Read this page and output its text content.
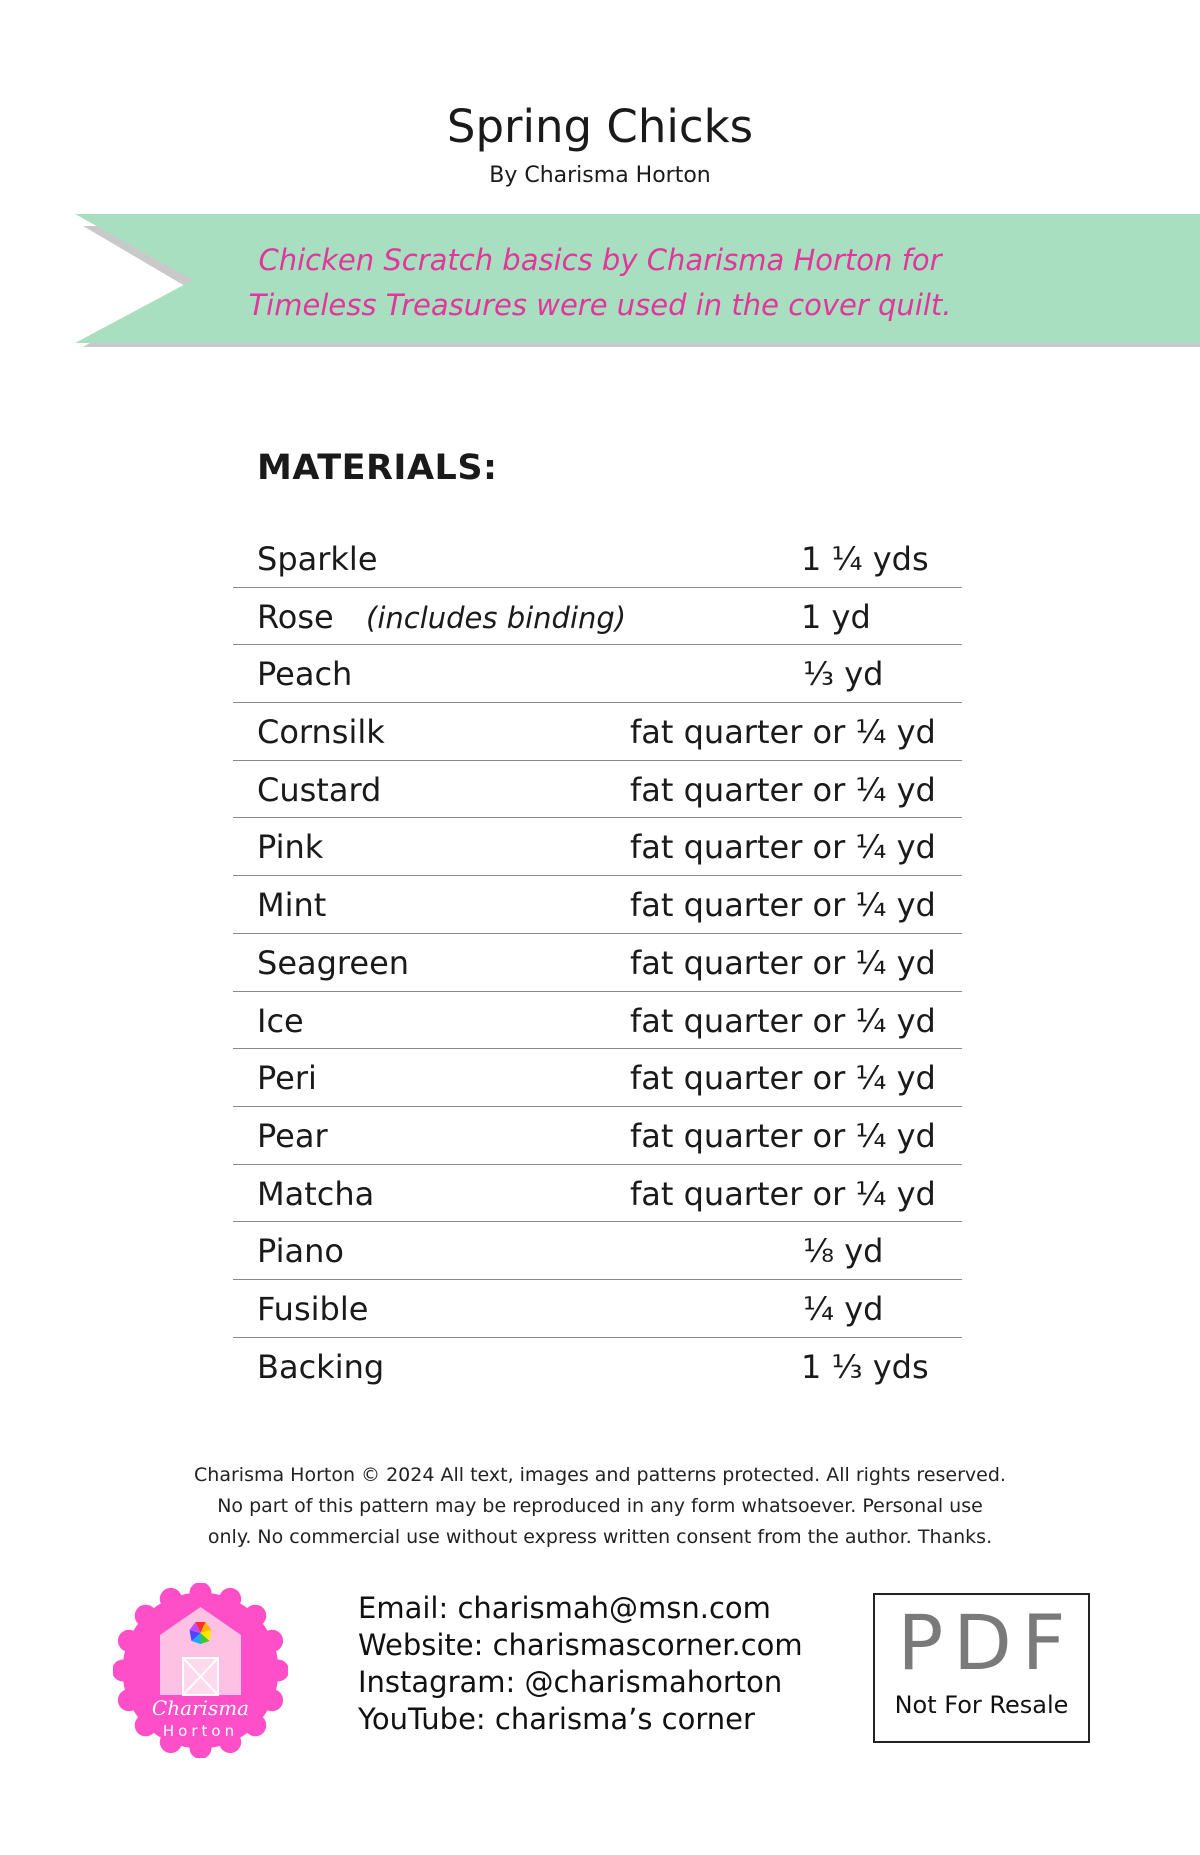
Spring Chicks
By Charisma Horton
Chicken Scratch basics by Charisma Horton for
Timeless Treasures were used in the cover quilt.
MATERIALS:
Sparkle	1 ¼ yds
Rose (includes binding)	1 yd
Peach	⅓ yd
Cornsilk	fat quarter or ¼ yd
Custard	fat quarter or ¼ yd
Pink	fat quarter or ¼ yd
Mint	fat quarter or ¼ yd
Seagreen	fat quarter or ¼ yd
Ice	fat quarter or ¼ yd
Peri	fat quarter or ¼ yd
Pear	fat quarter or ¼ yd
Matcha	fat quarter or ¼ yd
Piano	⅛ yd
Fusible	¼ yd
Backing	1 ⅓ yds
Charisma Horton © 2024 All text, images and patterns protected. All rights reserved.
No part of this pattern may be reproduced in any form whatsoever. Personal use
only. No commercial use without express written consent from the author. Thanks.
Charisma
Horton
Email: charismah@msn.com
Website: charismascorner.com
Instagram: @charismahorton
YouTube: charisma’s corner
PDF
Not For Resale
